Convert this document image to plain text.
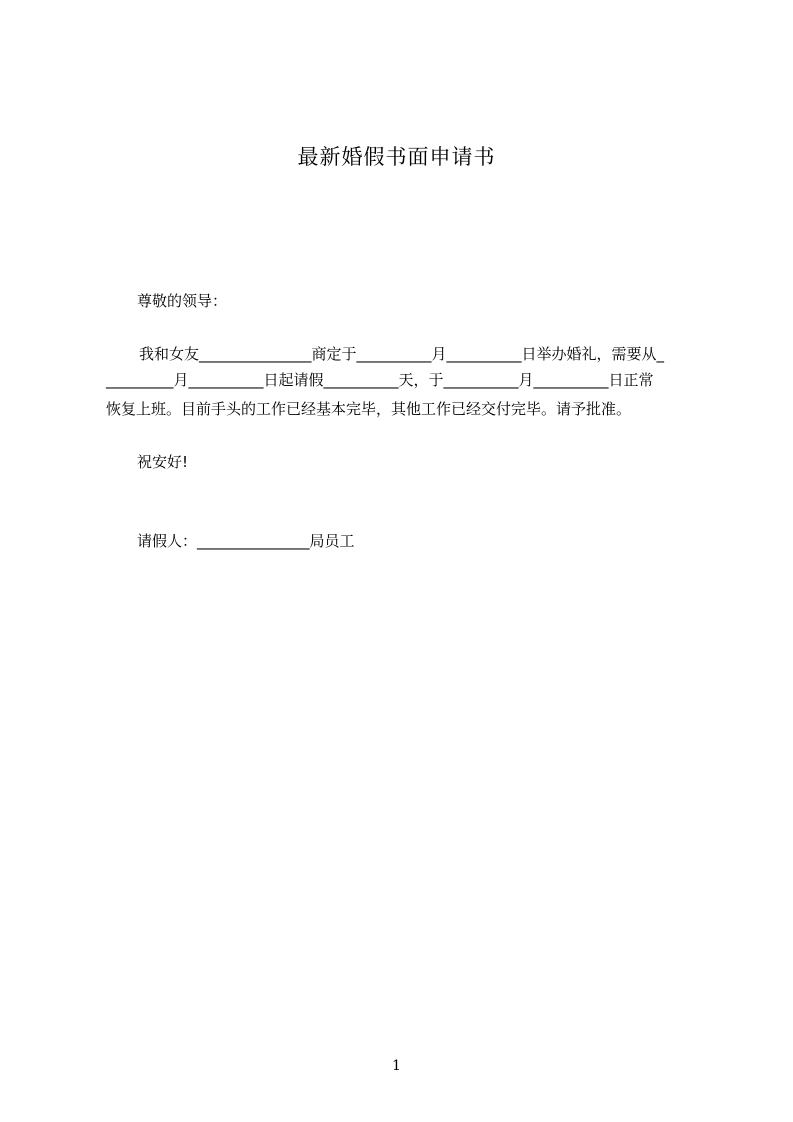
最新婚假书面申请书
尊敬的领导：
我和女友_______________商定于__________月__________日举办婚礼，需要从_
_________月__________日起请假__________天，于__________月__________日正常
恢复上班。目前手头的工作已经基本完毕，其他工作已经交付完毕。请予批准。
祝安好!
请假人：_______________局员工
1
